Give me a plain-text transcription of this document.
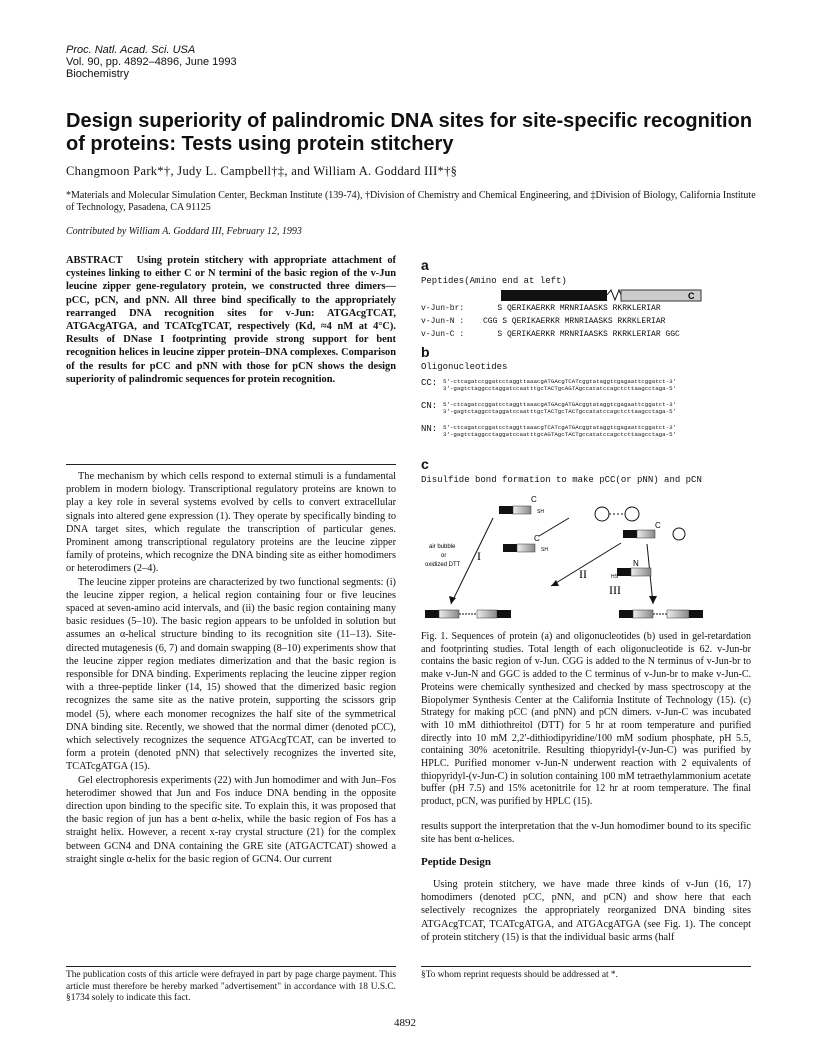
Proc. Natl. Acad. Sci. USA
Vol. 90, pp. 4892–4896, June 1993
Biochemistry
Design superiority of palindromic DNA sites for site-specific recognition of proteins: Tests using protein stitchery
Changmoon Park*†, Judy L. Campbell†‡, and William A. Goddard III*†§
*Materials and Molecular Simulation Center, Beckman Institute (139-74), †Division of Chemistry and Chemical Engineering, and ‡Division of Biology, California Institute of Technology, Pasadena, CA 91125
Contributed by William A. Goddard III, February 12, 1993
ABSTRACT Using protein stitchery with appropriate attachment of cysteines linking to either C or N termini of the basic region of the v-Jun leucine zipper gene-regulatory protein, we constructed three dimers—pCC, pCN, and pNN. All three bind specifically to the appropriately rearranged DNA recognition sites for v-Jun: ATGAcgTCAT, ATGAcgATGA, and TCATcgTCAT, respectively (Kd, ≈4 nM at 4°C). Results of DNase I footprinting provide strong support for bent recognition helices in leucine zipper protein–DNA complexes. Comparison of the results for pCC and pNN with those for pCN shows the design superiority of palindromic sequences for protein recognition.

The mechanism by which cells respond to external stimuli is a fundamental problem in modern biology. Transcriptional regulatory proteins are known to play a key role in several systems evolved by cells to convert extracellular signals into altered gene expression (1). They operate by specifically binding to DNA target sites, which regulate the transcription of particular genes. Prominent among transcriptional regulatory proteins are the leucine zipper family of proteins, which recognize the DNA binding site as either homodimers or heterodimers (2–4).

The leucine zipper proteins are characterized by two functional segments: (i) the leucine zipper region, a helical region containing four or five leucines spaced at seven-amino acid intervals, and (ii) the basic region containing many basic residues (5–10). The basic region appears to be unfolded in solution but assumes an α-helical structure binding to its recognition site (11–13). Site-directed mutagenesis (6, 7) and domain swapping (8–10) experiments show that the leucine zipper region mediates dimerization and that the basic region is responsible for DNA binding. Experiments replacing the leucine zipper region with a three-peptide linker (14, 15) showed that the dimerized basic region recognizes the same site as the native protein, supporting the scissors grip model (5), where each monomer recognizes the half site of the symmetrical DNA binding site. Recently, we showed that the normal dimer (denoted pCC), which selectively recognizes the sequence ATGAcgTCAT, can be inverted to form a protein (denoted pNN) that selectively recognizes the inverted site, TCATcgATGA (15).

Gel electrophoresis experiments (22) with Jun homodimer and with Jun–Fos heterodimer showed that Jun and Fos induce DNA bending in the opposite direction upon binding to the specific site. To explain this, it was proposed that the basic region of jun has a bent α-helix, while the basic region of Fos has a straight helix. However, a recent x-ray crystal structure (21) for the complex between GCN4 and DNA containing the GRE site (ATGACTCAT) showed a straight single α-helix for the basic region of GCN4. Our current

The publication costs of this article were defrayed in part by page charge payment. This article must therefore be hereby marked "advertisement" in accordance with 18 U.S.C. §1734 solely to indicate this fact.
a
Peptides(Amino end at left)
C
v-Jun-br:   S QERIKAERKR MRNRIAASKS RKRKLERIAR
v-Jun-N : CGG S QERIKAERKR MRNRIAASKS RKRKLERIAR
v-Jun-C :   S QERIKAERKR MRNRIAASKS RKRKLERIAR GGC
b
Oligonucleotides
CC: 5'-ctcagatccggatcctaggttaaacgATGAcgTCATcggtataggtcgagaattcggatct-3'
3'-gagtctaggcctaggatccaatttgcTACTgcAGTAgccatatccagctcttaagcctaga-5'
CN: 5'-ctcagatccggatcctaggttaaacgATGAcgATGAcggtataggtcgagaattcggatct-3'
3'-gagtctaggcctaggatccaatttgcTACTgcTACTgccatatccagctcttaagcctaga-5'
NN: 5'-ctcagatccggatcctaggttaaacgTCATcgATGAcggtataggtcgagaattcggatct-3'
3'-gagtctaggcctaggatccaatttgcAGTAgcTACTgccatatccagctcttaagcctaga-5'
c
Disulfide bond formation to make pCC(or pNN) and pCN
C
SH
C
SH
C
air bubble
or
oxidized DTT
I
II
III
HS
N
Fig. 1. Sequences of protein (a) and oligonucleotides (b) used in gel-retardation and footprinting studies. Total length of each oligonucleotide is 62. v-Jun-br contains the basic region of v-Jun. CGG is added to the N terminus of v-Jun-br to make v-Jun-N and GGC is added to the C terminus of v-Jun-br to make v-Jun-C. Proteins were chemically synthesized and checked by mass spectroscopy at the Biopolymer Synthesis Center at the California Institute of Technology (15). (c) Strategy for making pCC (and pNN) and pCN dimers. v-Jun-C was incubated with 10 mM dithiothreitol (DTT) for 5 hr at room temperature and purified directly into 10 mM 2,2′-dithiodipyridine/100 mM sodium phosphate, pH 5.5, containing 30% acetonitrile. Resulting thiopyridyl-(v-Jun-C) was purified by HPLC. Purified monomer v-Jun-N underwent reaction with 2 equivalents of thiopyridyl-(v-Jun-C) in solution containing 100 mM tetraethylammonium acetate buffer (pH 7.5) and 15% acetonitrile for 12 hr at room temperature. The final product, pCN, was purified by HPLC (15).
results support the interpretation that the v-Jun homodimer bound to its specific site has bent α-helices.
Peptide Design

Using protein stitchery, we have made three kinds of v-Jun (16, 17) homodimers (denoted pCC, pNN, and pCN) and show here that each selectively recognizes the appropriately reorganized DNA binding sites ATGAcgTCAT, TCATcgATGA, and ATGAcgATGA (see Fig. 1). The concept of protein stitchery (15) is that the individual basic arms (half

§To whom reprint requests should be addressed at *.
4892
